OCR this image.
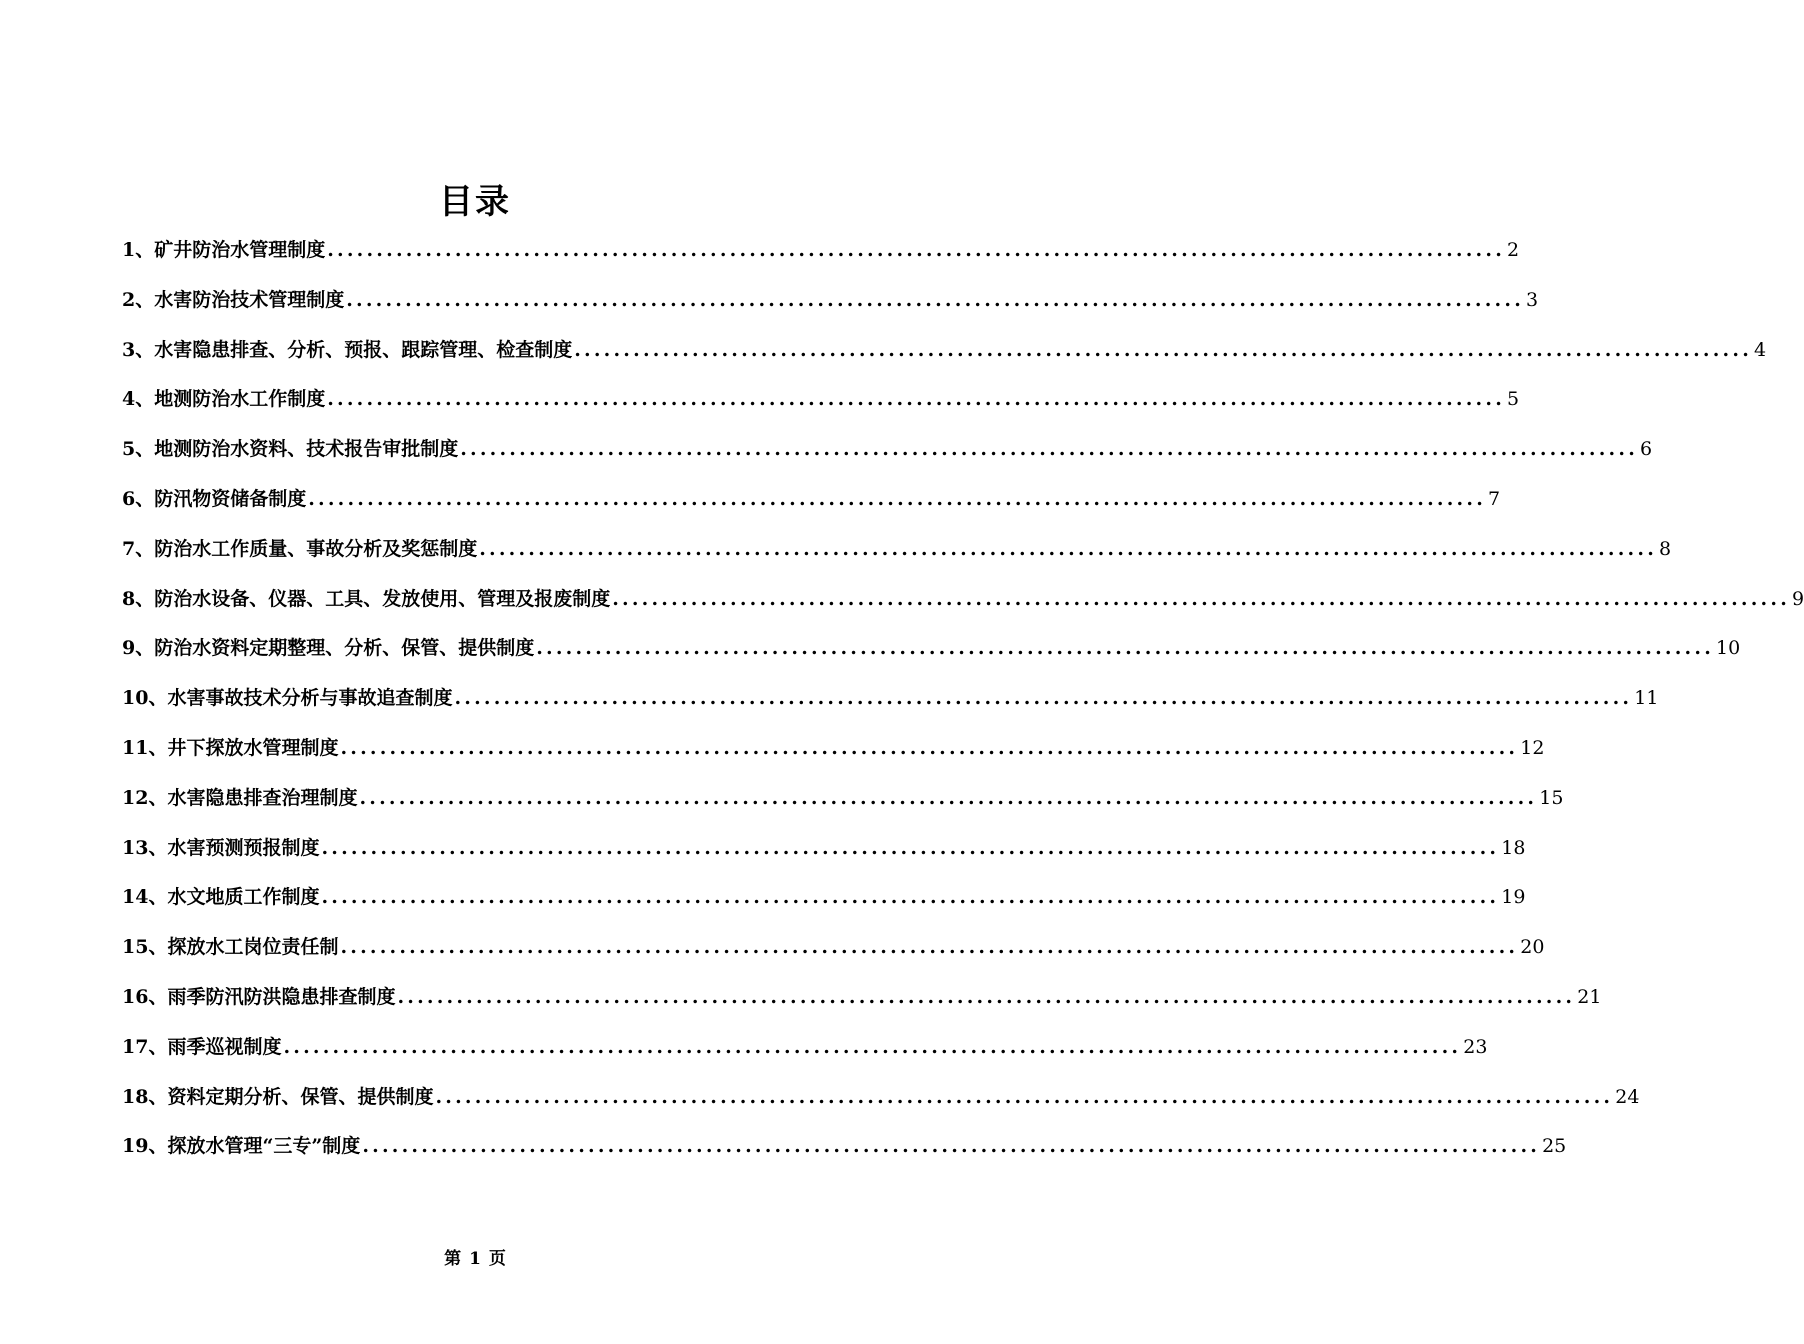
目录
1、矿井防治水管理制度 ........................................................................................................................ 2
2、水害防治技术管理制度 ........................................................................................................................ 3
3、水害隐患排查、分析、预报、跟踪管理、检查制度 ........................................................................................................................ 4
4、地测防治水工作制度 ........................................................................................................................ 5
5、地测防治水资料、技术报告审批制度 ........................................................................................................................ 6
6、防汛物资储备制度 ........................................................................................................................ 7
7、防治水工作质量、事故分析及奖惩制度 ........................................................................................................................ 8
8、防治水设备、仪器、工具、发放使用、管理及报废制度 ........................................................................................................................ 9
9、防治水资料定期整理、分析、保管、提供制度 ........................................................................................................................ 10
10、水害事故技术分析与事故追查制度 ........................................................................................................................ 11
11、井下探放水管理制度 ........................................................................................................................ 12
12、水害隐患排查治理制度 ........................................................................................................................ 15
13、水害预测预报制度 ........................................................................................................................ 18
14、水文地质工作制度 ........................................................................................................................ 19
15、探放水工岗位责任制 ........................................................................................................................ 20
16、雨季防汛防洪隐患排查制度 ........................................................................................................................ 21
17、雨季巡视制度 ........................................................................................................................ 23
18、资料定期分析、保管、提供制度 ........................................................................................................................ 24
19、探放水管理“三专”制度 ........................................................................................................................ 25
第 1 页
